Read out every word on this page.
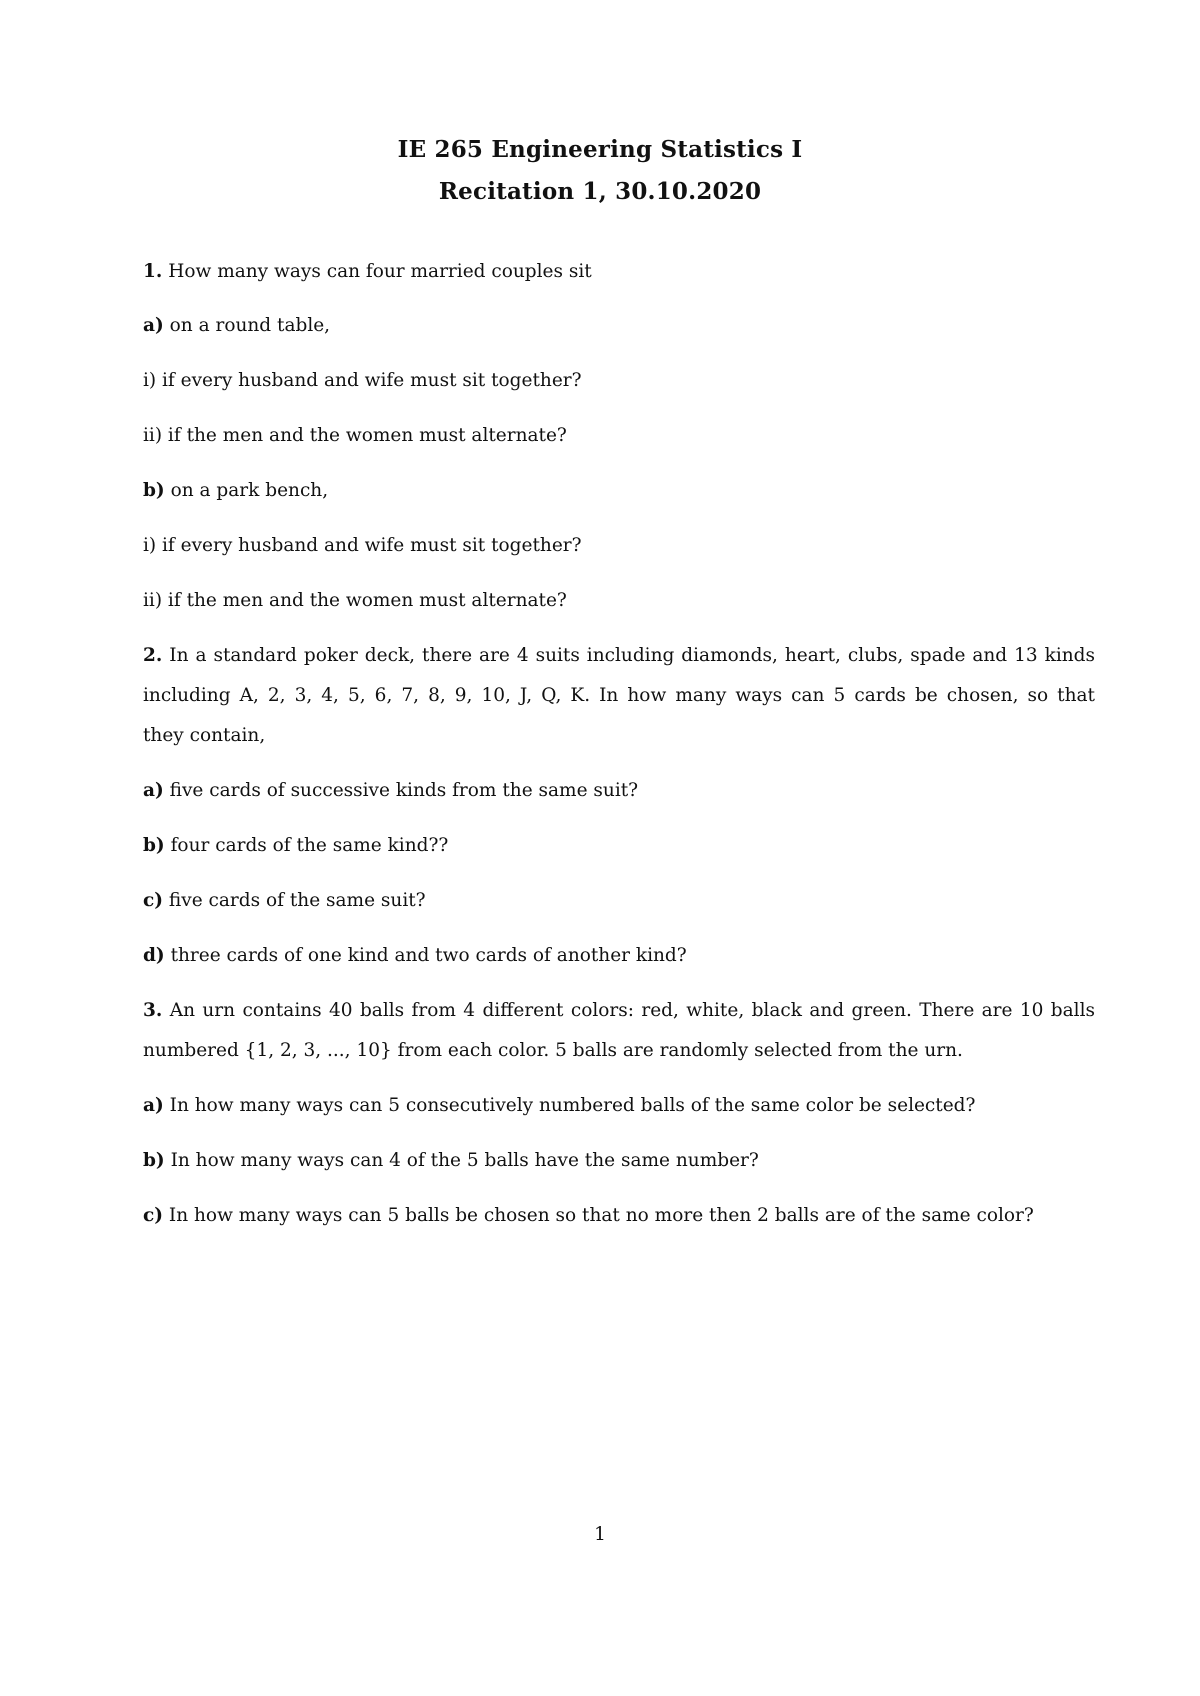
IE 265 Engineering Statistics I
Recitation 1, 30.10.2020
1. How many ways can four married couples sit
a) on a round table,
i) if every husband and wife must sit together?
ii) if the men and the women must alternate?
b) on a park bench,
i) if every husband and wife must sit together?
ii) if the men and the women must alternate?
2. In a standard poker deck, there are 4 suits including diamonds, heart, clubs, spade and 13 kinds
including A, 2, 3, 4, 5, 6, 7, 8, 9, 10, J, Q, K. In how many ways can 5 cards be chosen, so that
they contain,
a) five cards of successive kinds from the same suit?
b) four cards of the same kind??
c) five cards of the same suit?
d) three cards of one kind and two cards of another kind?
3. An urn contains 40 balls from 4 different colors: red, white, black and green. There are 10 balls
numbered {1, 2, 3, ..., 10} from each color. 5 balls are randomly selected from the urn.
a) In how many ways can 5 consecutively numbered balls of the same color be selected?
b) In how many ways can 4 of the 5 balls have the same number?
c) In how many ways can 5 balls be chosen so that no more then 2 balls are of the same color?
1
